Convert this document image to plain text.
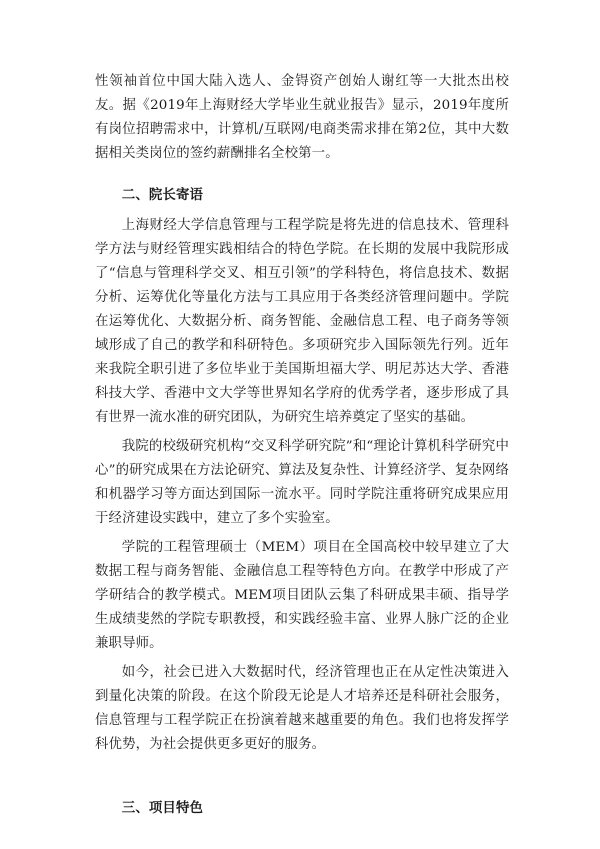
性领袖首位中国大陆入选人、金锝资产创始人谢红等一大批杰出校友。据《2019年上海财经大学毕业生就业报告》显示，2019年度所有岗位招聘需求中，计算机/互联网/电商类需求排在第2位，其中大数据相关类岗位的签约薪酬排名全校第一。

二、院长寄语

上海财经大学信息管理与工程学院是将先进的信息技术、管理科学方法与财经管理实践相结合的特色学院。在长期的发展中我院形成了“信息与管理科学交叉、相互引领”的学科特色，将信息技术、数据分析、运筹优化等量化方法与工具应用于各类经济管理问题中。学院在运筹优化、大数据分析、商务智能、金融信息工程、电子商务等领域形成了自己的教学和科研特色。多项研究步入国际领先行列。近年来我院全职引进了多位毕业于美国斯坦福大学、明尼苏达大学、香港科技大学、香港中文大学等世界知名学府的优秀学者，逐步形成了具有世界一流水准的研究团队，为研究生培养奠定了坚实的基础。

我院的校级研究机构“交叉科学研究院”和“理论计算机科学研究中心”的研究成果在方法论研究、算法及复杂性、计算经济学、复杂网络和机器学习等方面达到国际一流水平。同时学院注重将研究成果应用于经济建设实践中，建立了多个实验室。

学院的工程管理硕士（MEM）项目在全国高校中较早建立了大数据工程与商务智能、金融信息工程等特色方向。在教学中形成了产学研结合的教学模式。MEM项目团队云集了科研成果丰硕、指导学生成绩斐然的学院专职教授，和实践经验丰富、业界人脉广泛的企业兼职导师。

如今，社会已进入大数据时代，经济管理也正在从定性决策进入到量化决策的阶段。在这个阶段无论是人才培养还是科研社会服务，信息管理与工程学院正在扮演着越来越重要的角色。我们也将发挥学科优势，为社会提供更多更好的服务。

三、项目特色
